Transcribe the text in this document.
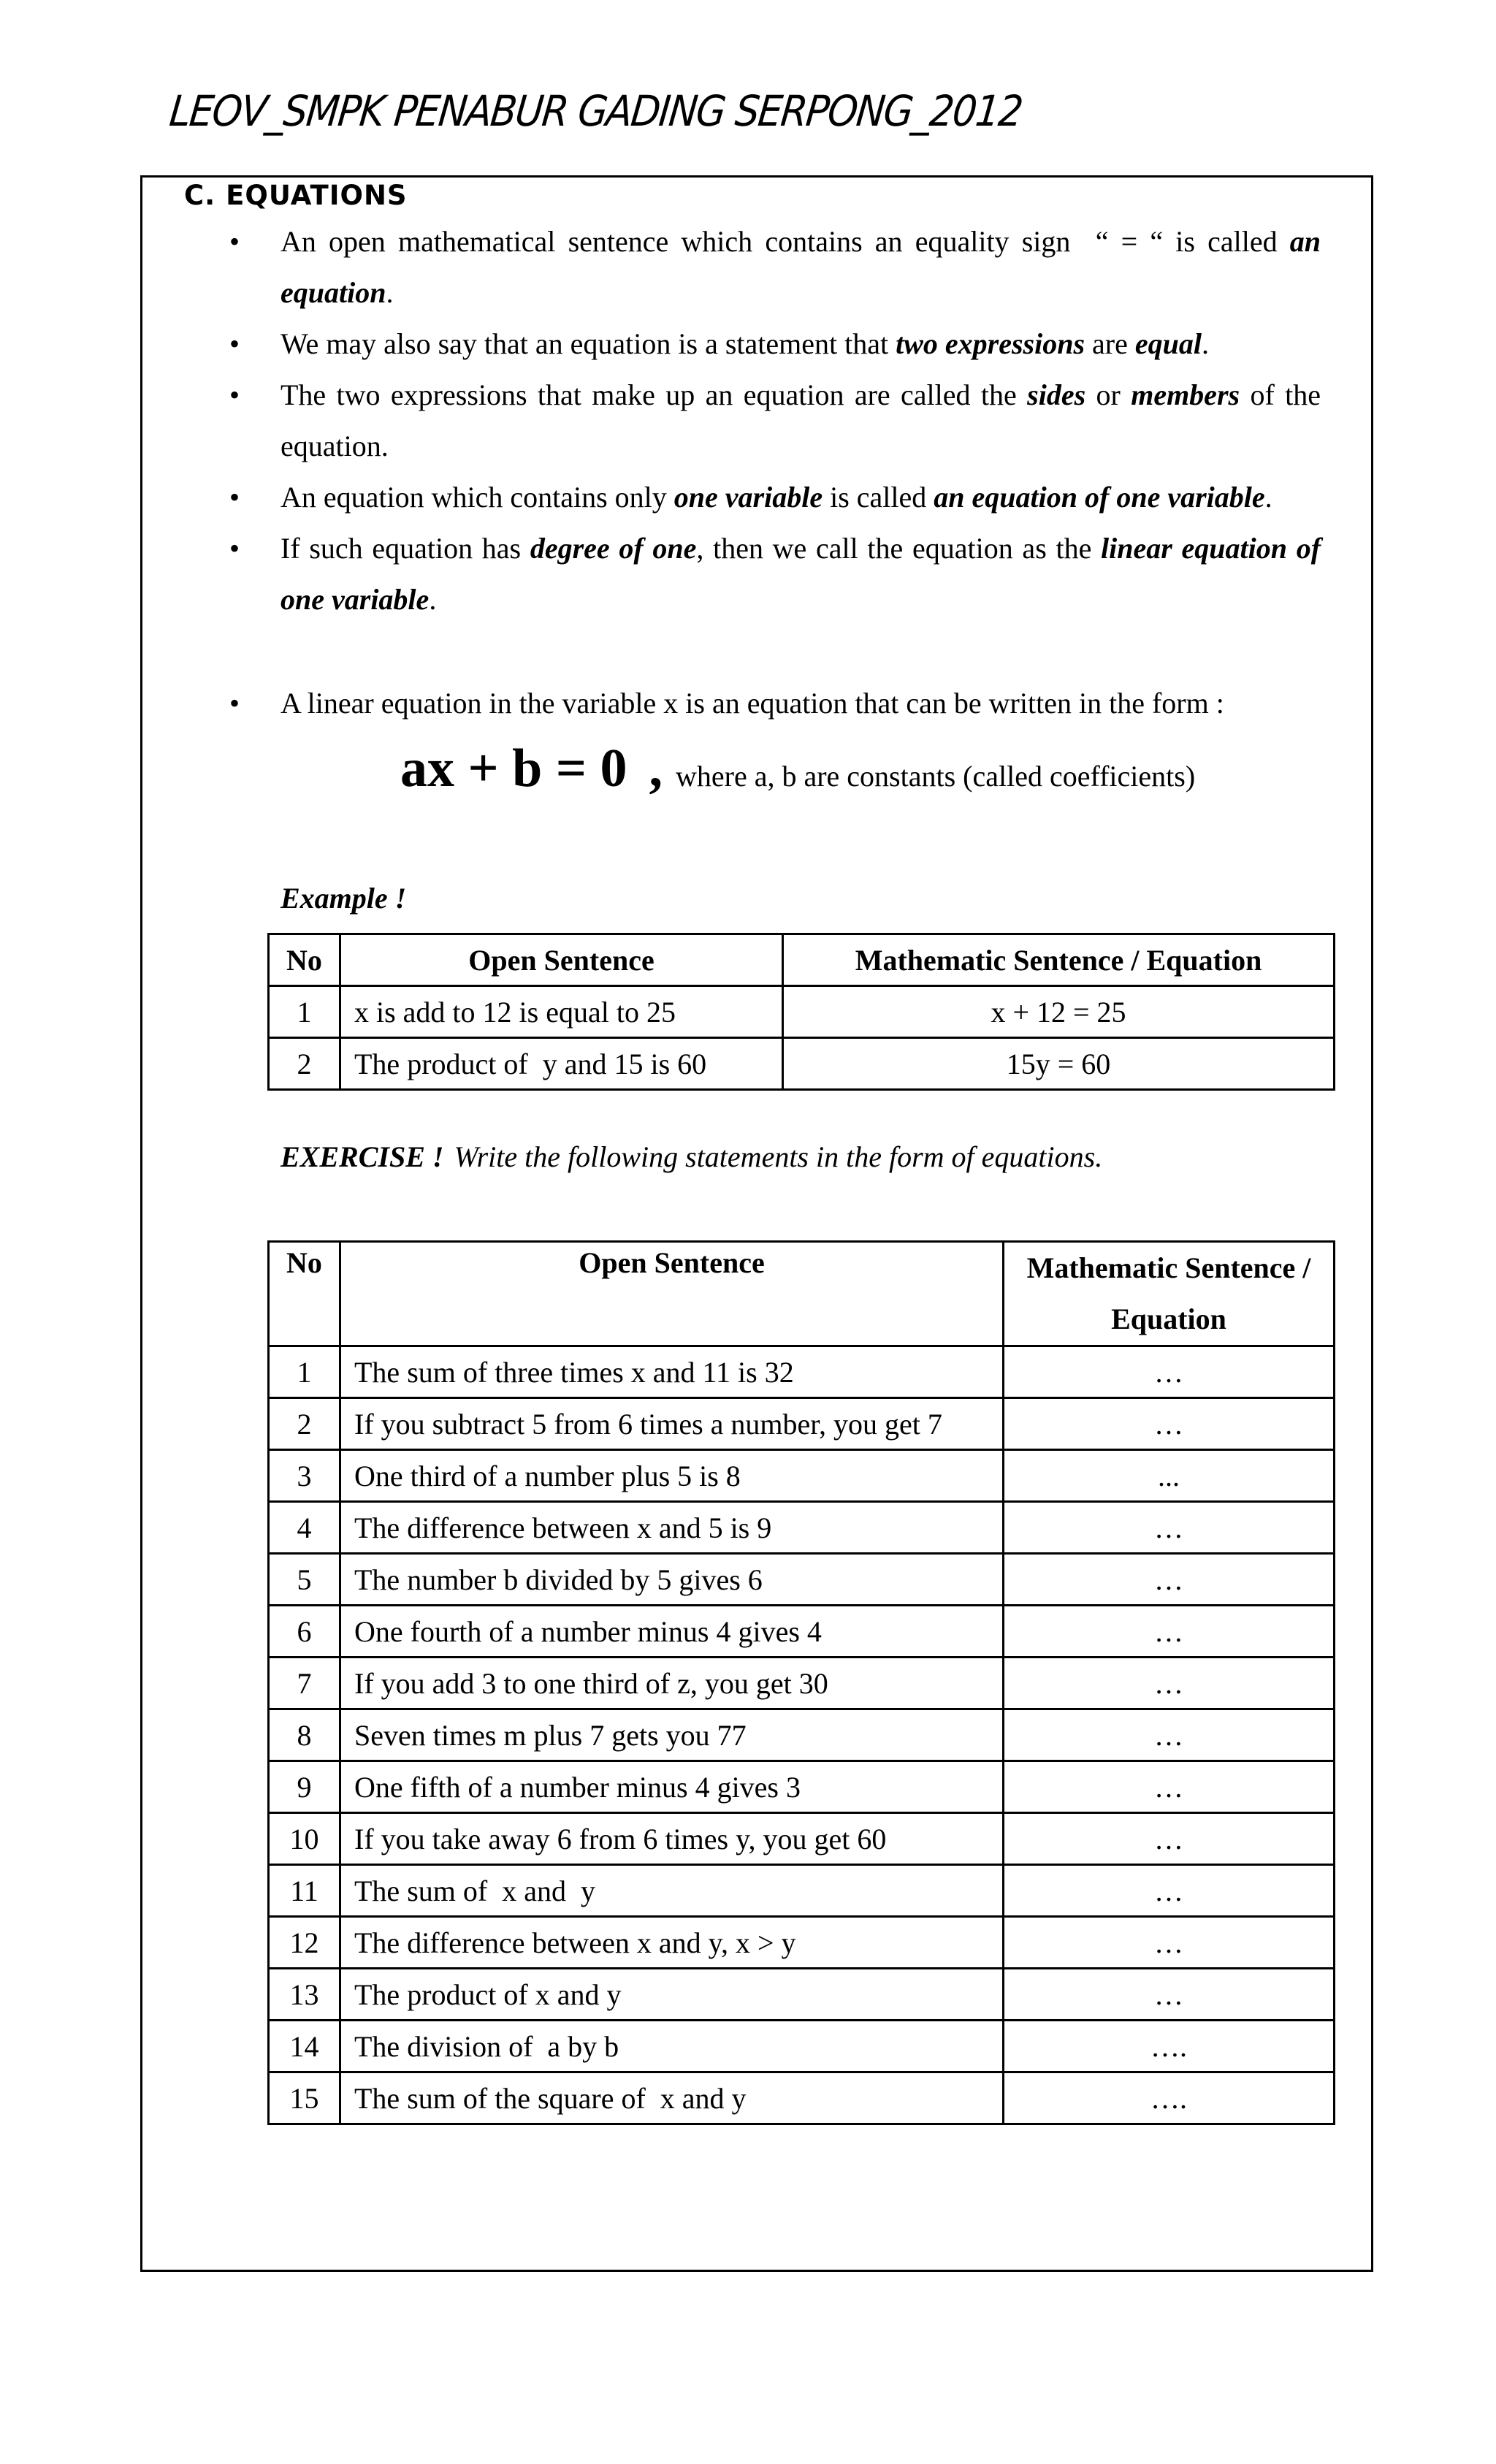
LEOV_SMPK PENABUR GADING SERPONG_2012
C. EQUATIONS
• An open mathematical sentence which contains an equality sign  “ = “ is called an equation.
• We may also say that an equation is a statement that two expressions are equal.
• The two expressions that make up an equation are called the sides or members of the equation.
• An equation which contains only one variable is called an equation of one variable.
• If such equation has degree of one, then we call the equation as the linear equation of one variable.
• A linear equation in the variable x is an equation that can be written in the form :
ax + b = 0 , where a, b are constants (called coefficients)
Example !
No	Open Sentence	Mathematic Sentence / Equation
1	x is add to 12 is equal to 25	x + 12 = 25
2	The product of  y and 15 is 60	15y = 60
EXERCISE ! Write the following statements in the form of equations.
No	Open Sentence	Mathematic Sentence / Equation
1	The sum of three times x and 11 is 32	…
2	If you subtract 5 from 6 times a number, you get 7	…
3	One third of a number plus 5 is 8	...
4	The difference between x and 5 is 9	…
5	The number b divided by 5 gives 6	…
6	One fourth of a number minus 4 gives 4	…
7	If you add 3 to one third of z, you get 30	…
8	Seven times m plus 7 gets you 77	…
9	One fifth of a number minus 4 gives 3	…
10	If you take away 6 from 6 times y, you get 60	…
11	The sum of  x and  y	…
12	The difference between x and y, x > y	…
13	The product of x and y	…
14	The division of  a by b	….
15	The sum of the square of  x and y	….
